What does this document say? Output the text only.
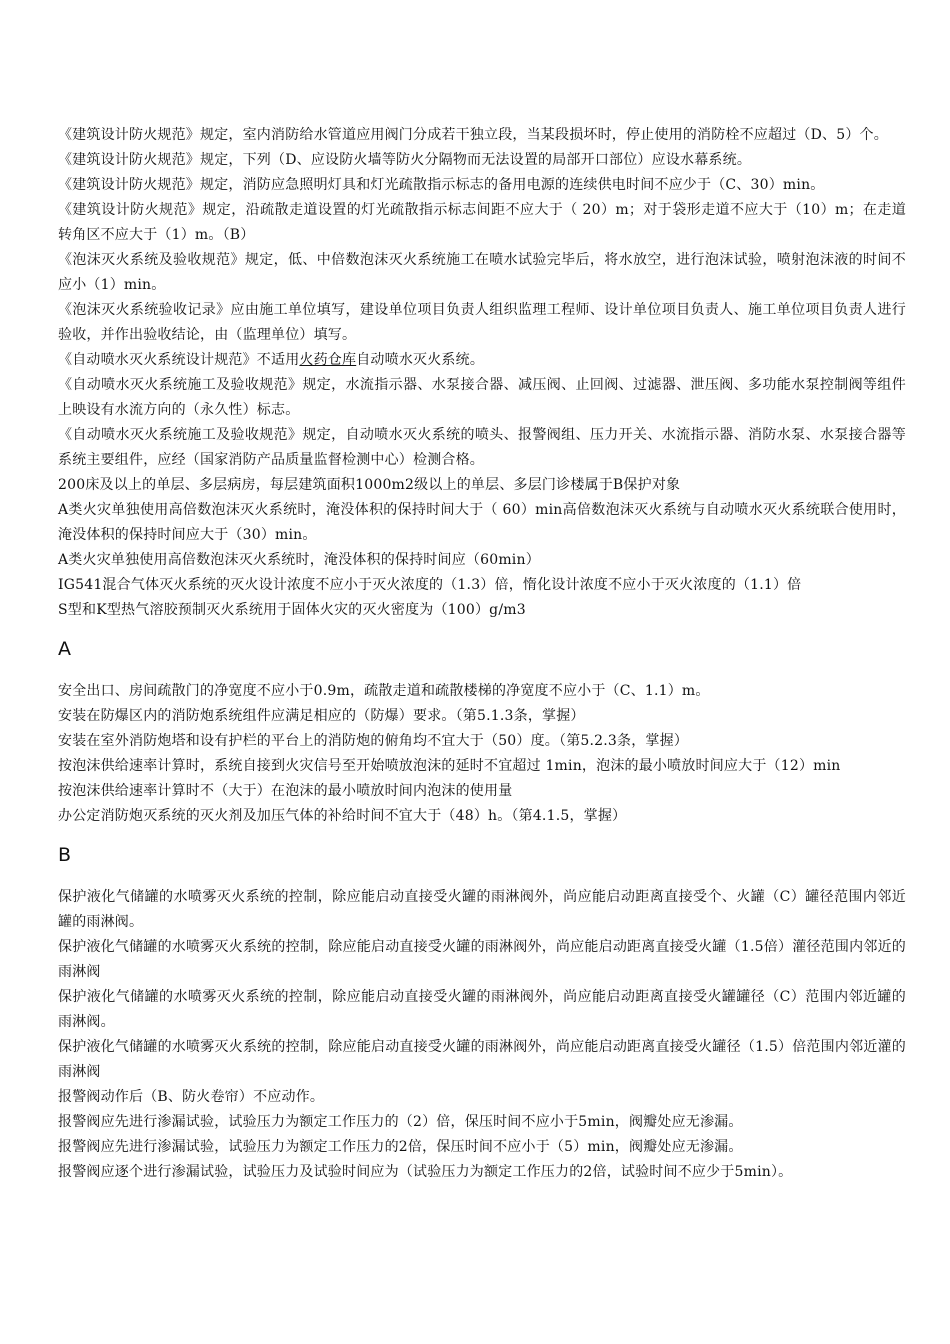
《建筑设计防火规范》规定，室内消防给水管道应用阀门分成若干独立段，当某段损坏时，停止使用的消防栓不应超过（D、5）个。

《建筑设计防火规范》规定，下列（D、应设防火墙等防火分隔物而无法设置的局部开口部位）应设水幕系统。

《建筑设计防火规范》规定，消防应急照明灯具和灯光疏散指示标志的备用电源的连续供电时间不应少于（C、30）min。

《建筑设计防火规范》规定，沿疏散走道设置的灯光疏散指示标志间距不应大于（ 20）m；对于袋形走道不应大于（10）m；在走道转角区不应大于（1）m。（B）

《泡沫灭火系统及验收规范》规定，低、中倍数泡沫灭火系统施工在喷水试验完毕后，将水放空，进行泡沫试验，喷射泡沫液的时间不应小（1）min。

《泡沫灭火系统验收记录》应由施工单位填写，建设单位项目负责人组织监理工程师、设计单位项目负责人、施工单位项目负责人进行验收，并作出验收结论，由（监理单位）填写。

《自动喷水灭火系统设计规范》不适用火药仓库自动喷水灭火系统。

《自动喷水灭火系统施工及验收规范》规定，水流指示器、水泵接合器、减压阀、止回阀、过滤器、泄压阀、多功能水泵控制阀等组件上映设有水流方向的（永久性）标志。

《自动喷水灭火系统施工及验收规范》规定，自动喷水灭火系统的喷头、报警阀组、压力开关、水流指示器、消防水泵、水泵接合器等系统主要组件，应经（国家消防产品质量监督检测中心）检测合格。

200床及以上的单层、多层病房，每层建筑面积1000m2级以上的单层、多层门诊楼属于B保护对象

A类火灾单独使用高倍数泡沫灭火系统时，淹没体积的保持时间大于（ 60）min高倍数泡沫灭火系统与自动喷水灭火系统联合使用时，淹没体积的保持时间应大于（30）min。

A类火灾单独使用高倍数泡沫灭火系统时，淹没体积的保持时间应（60min）

IG541混合气体灭火系统的灭火设计浓度不应小于灭火浓度的（1.3）倍，惰化设计浓度不应小于灭火浓度的（1.1）倍

S型和K型热气溶胶预制灭火系统用于固体火灾的灭火密度为（100）g/m3

A

安全出口、房间疏散门的净宽度不应小于0.9m，疏散走道和疏散楼梯的净宽度不应小于（C、1.1）m。

安装在防爆区内的消防炮系统组件应满足相应的（防爆）要求。（第5.1.3条，掌握）

安装在室外消防炮塔和设有护栏的平台上的消防炮的俯角均不宜大于（50）度。（第5.2.3条，掌握）

按泡沫供给速率计算时，系统自接到火灾信号至开始喷放泡沫的延时不宜超过 1min，泡沫的最小喷放时间应大于（12）min

按泡沫供给速率计算时不（大于）在泡沫的最小喷放时间内泡沫的使用量

办公定消防炮灭系统的灭火剂及加压气体的补给时间不宜大于（48）h。（第4.1.5，掌握）

B

保护液化气储罐的水喷雾灭火系统的控制，除应能启动直接受火罐的雨淋阀外，尚应能启动距离直接受个、火罐（C）罐径范围内邻近罐的雨淋阀。

保护液化气储罐的水喷雾灭火系统的控制，除应能启动直接受火罐的雨淋阀外，尚应能启动距离直接受火罐（1.5倍）灌径范围内邻近的雨淋阀

保护液化气储罐的水喷雾灭火系统的控制，除应能启动直接受火罐的雨淋阀外，尚应能启动距离直接受火罐罐径（C）范围内邻近罐的雨淋阀。

保护液化气储罐的水喷雾灭火系统的控制，除应能启动直接受火罐的雨淋阀外，尚应能启动距离直接受火罐径（1.5）倍范围内邻近灌的雨淋阀

报警阀动作后（B、防火卷帘）不应动作。

报警阀应先进行渗漏试验，试验压力为额定工作压力的（2）倍，保压时间不应小于5min，阀瓣处应无渗漏。

报警阀应先进行渗漏试验，试验压力为额定工作压力的2倍，保压时间不应小于（5）min，阀瓣处应无渗漏。

报警阀应逐个进行渗漏试验，试验压力及试验时间应为（试验压力为额定工作压力的2倍，试验时间不应少于5min）。
